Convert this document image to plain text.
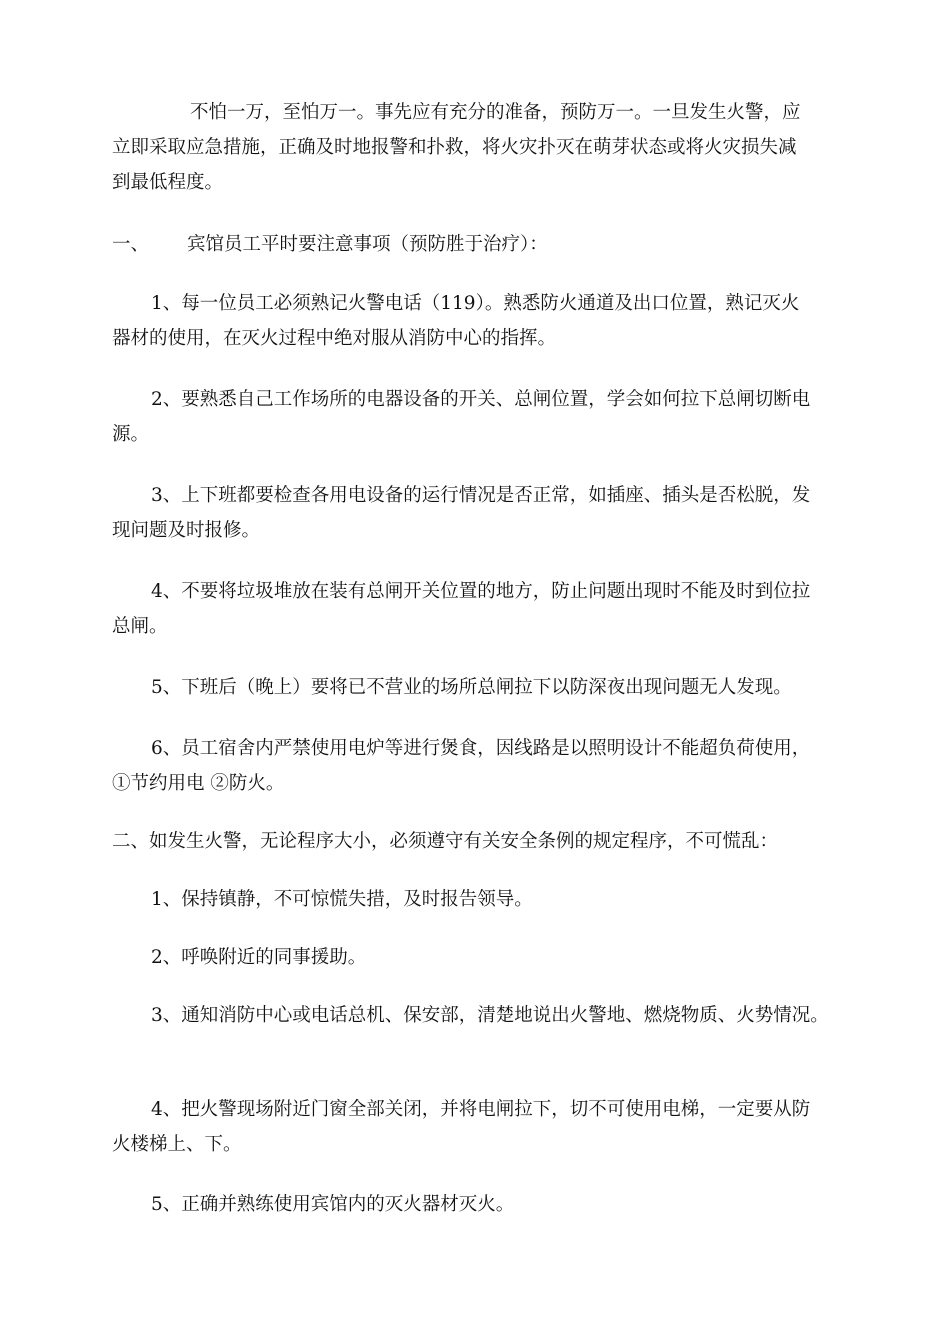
不怕一万，至怕万一。事先应有充分的准备，预防万一。一旦发生火警，应
立即采取应急措施，正确及时地报警和扑救，将火灾扑灭在萌芽状态或将火灾损失减
到最低程度。
一、 宾馆员工平时要注意事项（预防胜于治疗）：
1、每一位员工必须熟记火警电话（119）。熟悉防火通道及出口位置，熟记灭火
器材的使用，在灭火过程中绝对服从消防中心的指挥。
2、要熟悉自己工作场所的电器设备的开关、总闸位置，学会如何拉下总闸切断电
源。
3、上下班都要检查各用电设备的运行情况是否正常，如插座、插头是否松脱，发
现问题及时报修。
4、不要将垃圾堆放在装有总闸开关位置的地方，防止问题出现时不能及时到位拉
总闸。
5、下班后（晚上）要将已不营业的场所总闸拉下以防深夜出现问题无人发现。
6、员工宿舍内严禁使用电炉等进行煲食，因线路是以照明设计不能超负荷使用，
①节约用电 ②防火。
二、如发生火警，无论程序大小，必须遵守有关安全条例的规定程序，不可慌乱：
1、保持镇静，不可惊慌失措，及时报告领导。
2、呼唤附近的同事援助。
3、通知消防中心或电话总机、保安部，清楚地说出火警地、燃烧物质、火势情况。
4、把火警现场附近门窗全部关闭，并将电闸拉下，切不可使用电梯，一定要从防
火楼梯上、下。
5、正确并熟练使用宾馆内的灭火器材灭火。
